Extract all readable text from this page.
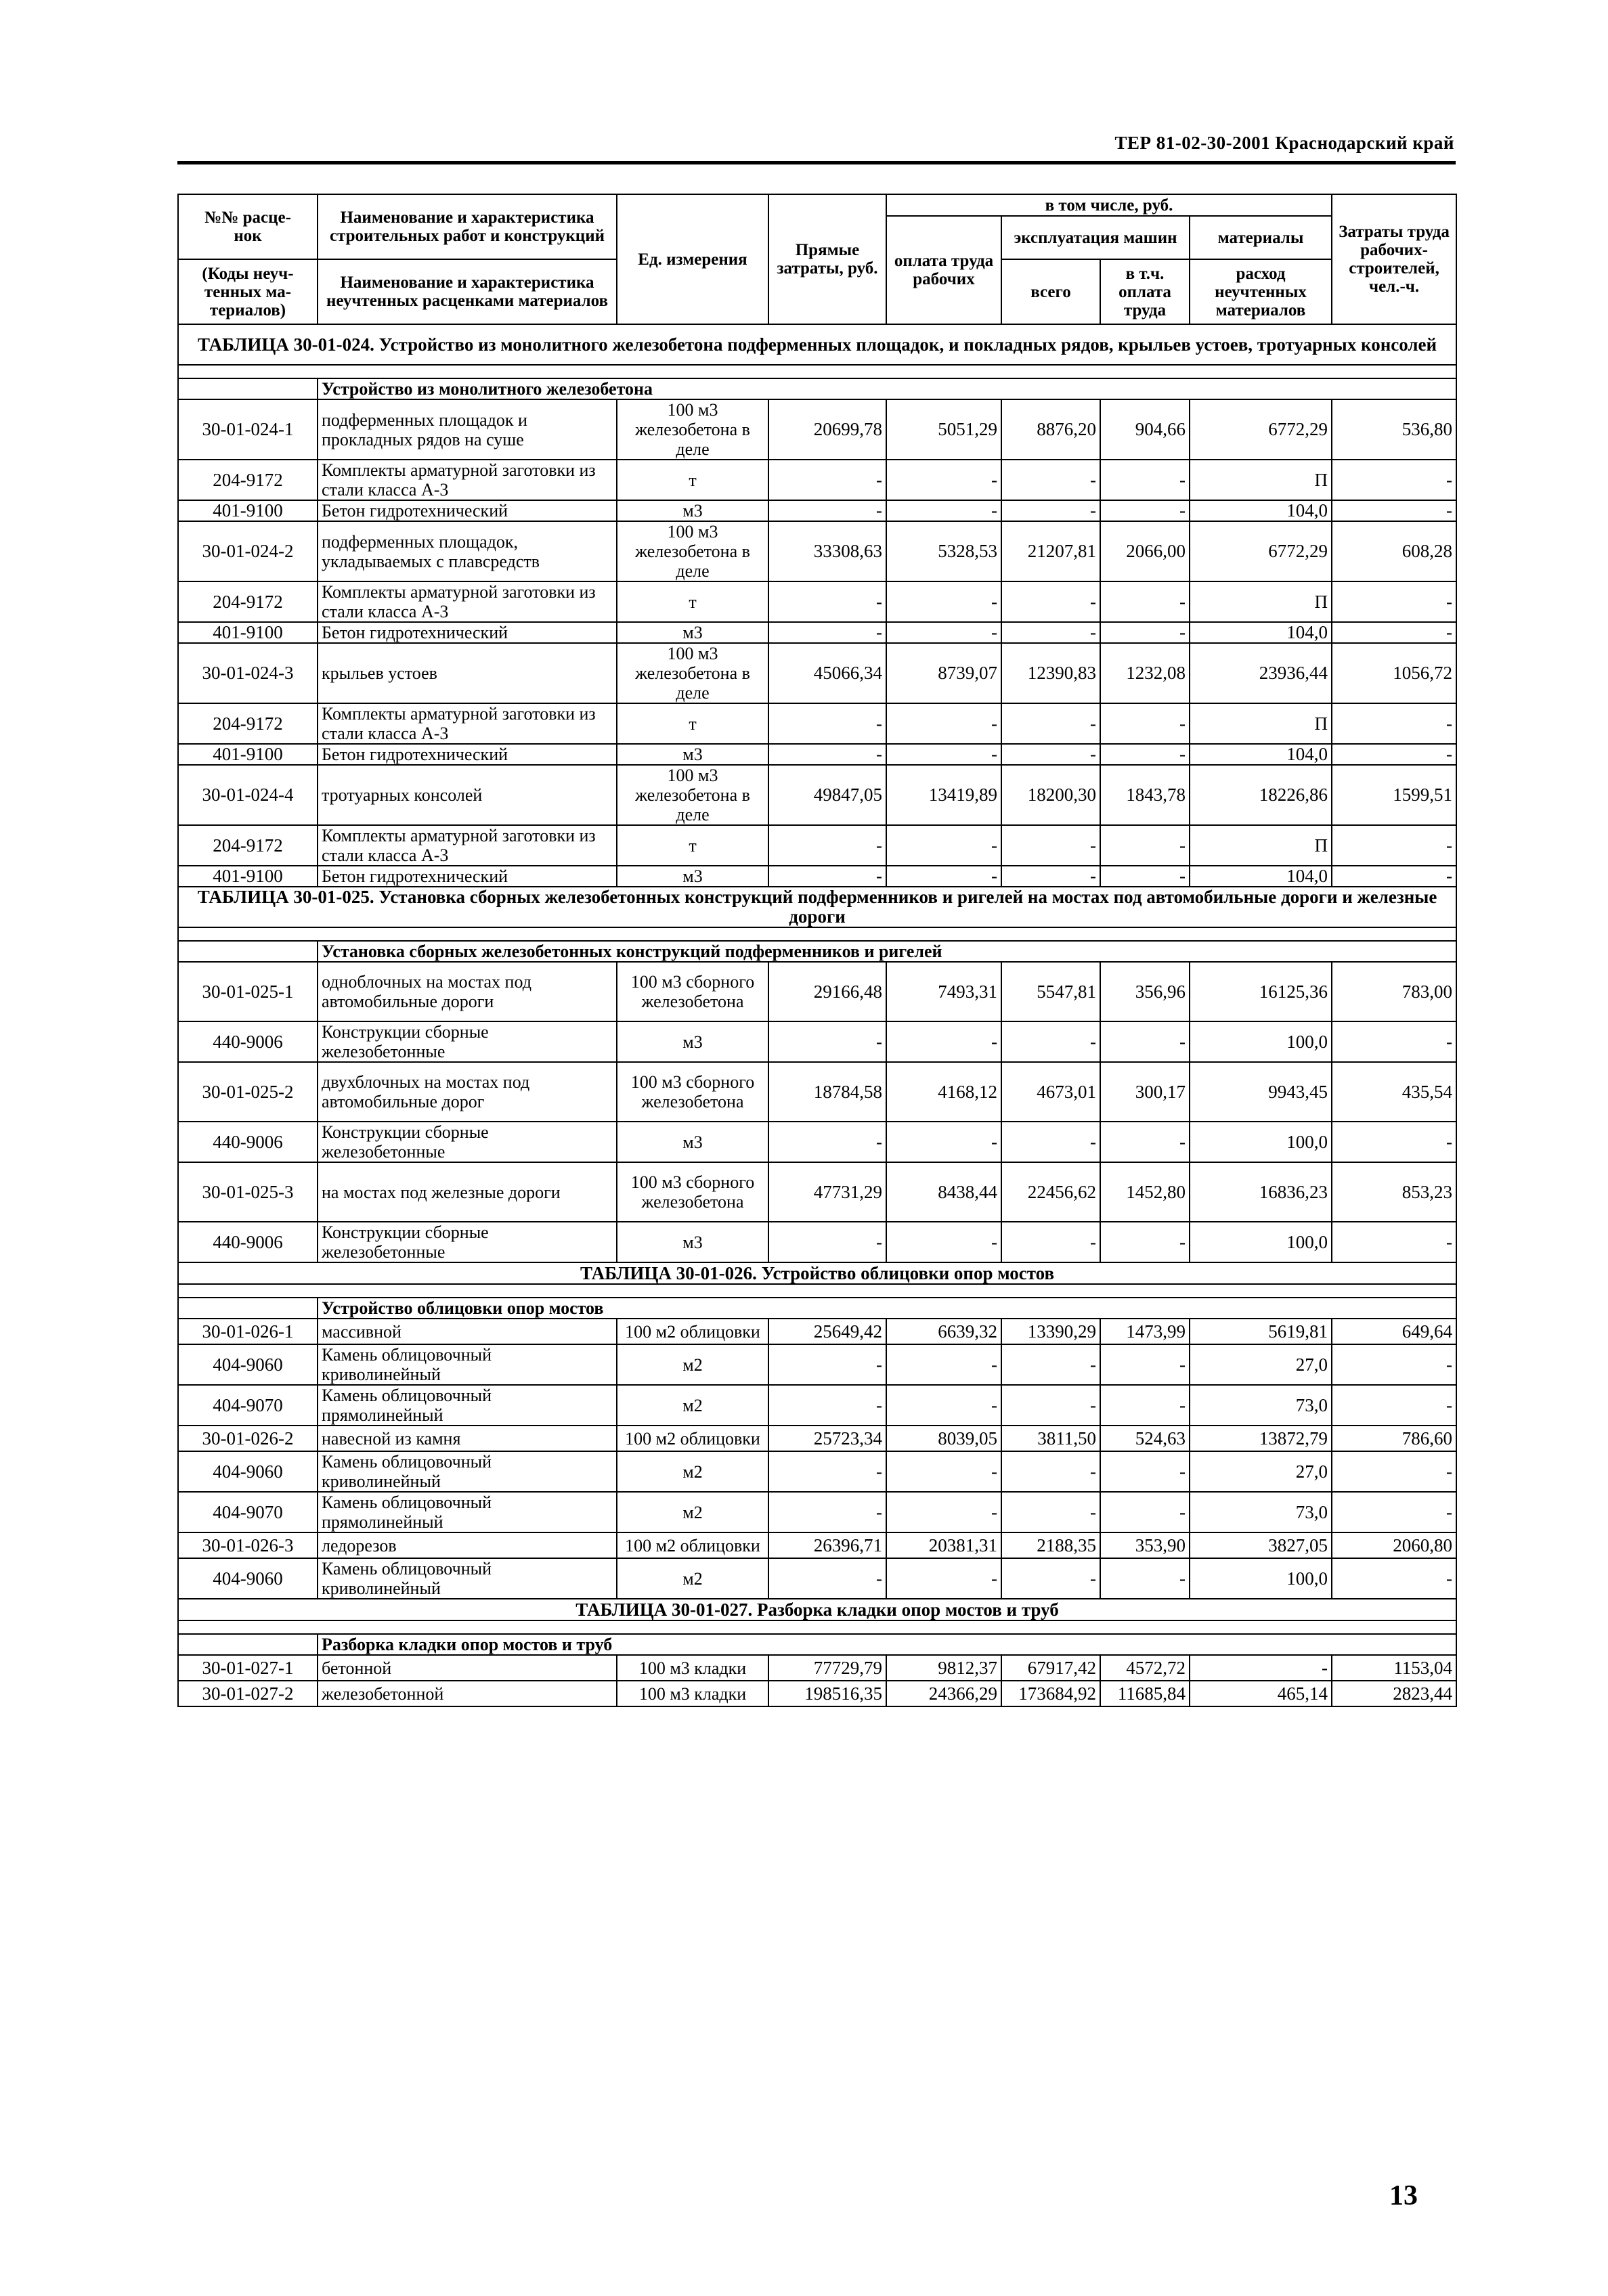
ТЕР 81-02-30-2001 Краснодарский край
№№ расце-
нок	Наименование и характеристика строительных работ и конструкций	Ед. измерения	Прямые затраты, руб.	в том числе, руб.				Затраты труда рабочих-строителей, чел.-ч.
				оплата труда рабочих	эксплуатация машин		материалы	

(Коды неуч-
тенных ма-
териалов)	Наименование и характеристика неучтенных расценками материалов				всего	в т.ч. оплата труда	расход неучтенных материалов	

ТАБЛИЦА 30-01-024. Устройство из монолитного железобетона подферменных площадок, и покладных рядов, крыльев устоев, тротуарных консолей								

	Устройство из монолитного железобетона							
30-01-024-1	подферменных площадок и прокладных рядов на суше	100 м3 железобетона в деле	20699,78	5051,29	8876,20	904,66	6772,29	536,80
204-9172	Комплекты арматурной заготовки из стали класса А-3	т	-	-	-	-	П	-
401-9100	Бетон гидротехнический	м3	-	-	-	-	104,0	-
30-01-024-2	подферменных площадок, укладываемых с плавсредств	100 м3 железобетона в деле	33308,63	5328,53	21207,81	2066,00	6772,29	608,28
204-9172	Комплекты арматурной заготовки из стали класса А-3	т	-	-	-	-	П	-
401-9100	Бетон гидротехнический	м3	-	-	-	-	104,0	-
30-01-024-3	крыльев устоев	100 м3 железобетона в деле	45066,34	8739,07	12390,83	1232,08	23936,44	1056,72
204-9172	Комплекты арматурной заготовки из стали класса А-3	т	-	-	-	-	П	-
401-9100	Бетон гидротехнический	м3	-	-	-	-	104,0	-
30-01-024-4	тротуарных консолей	100 м3 железобетона в деле	49847,05	13419,89	18200,30	1843,78	18226,86	1599,51
204-9172	Комплекты арматурной заготовки из стали класса А-3	т	-	-	-	-	П	-
401-9100	Бетон гидротехнический	м3	-	-	-	-	104,0	-
ТАБЛИЦА 30-01-025. Установка сборных железобетонных конструкций подферменников и ригелей на мостах под автомобильные дороги и железные дороги								

	Установка сборных железобетонных конструкций подферменников и ригелей							
30-01-025-1	одноблочных на мостах под автомобильные дороги	100 м3 сборного железобетона	29166,48	7493,31	5547,81	356,96	16125,36	783,00
440-9006	Конструкции сборные железобетонные	м3	-	-	-	-	100,0	-
30-01-025-2	двухблочных на мостах под автомобильные дорог	100 м3 сборного железобетона	18784,58	4168,12	4673,01	300,17	9943,45	435,54
440-9006	Конструкции сборные железобетонные	м3	-	-	-	-	100,0	-
30-01-025-3	на мостах под железные дороги	100 м3 сборного железобетона	47731,29	8438,44	22456,62	1452,80	16836,23	853,23
440-9006	Конструкции сборные железобетонные	м3	-	-	-	-	100,0	-
ТАБЛИЦА 30-01-026. Устройство облицовки опор мостов								

	Устройство облицовки опор мостов							
30-01-026-1	массивной	100 м2 облицовки	25649,42	6639,32	13390,29	1473,99	5619,81	649,64
404-9060	Камень облицовочный криволинейный	м2	-	-	-	-	27,0	-
404-9070	Камень облицовочный прямолинейный	м2	-	-	-	-	73,0	-
30-01-026-2	навесной из камня	100 м2 облицовки	25723,34	8039,05	3811,50	524,63	13872,79	786,60
404-9060	Камень облицовочный криволинейный	м2	-	-	-	-	27,0	-
404-9070	Камень облицовочный прямолинейный	м2	-	-	-	-	73,0	-
30-01-026-3	ледорезов	100 м2 облицовки	26396,71	20381,31	2188,35	353,90	3827,05	2060,80
404-9060	Камень облицовочный криволинейный	м2	-	-	-	-	100,0	-
ТАБЛИЦА 30-01-027. Разборка кладки опор мостов и труб								

	Разборка кладки опор мостов и труб							
30-01-027-1	бетонной	100 м3 кладки	77729,79	9812,37	67917,42	4572,72	-	1153,04
30-01-027-2	железобетонной	100 м3 кладки	198516,35	24366,29	173684,92	11685,84	465,14	2823,44
13
